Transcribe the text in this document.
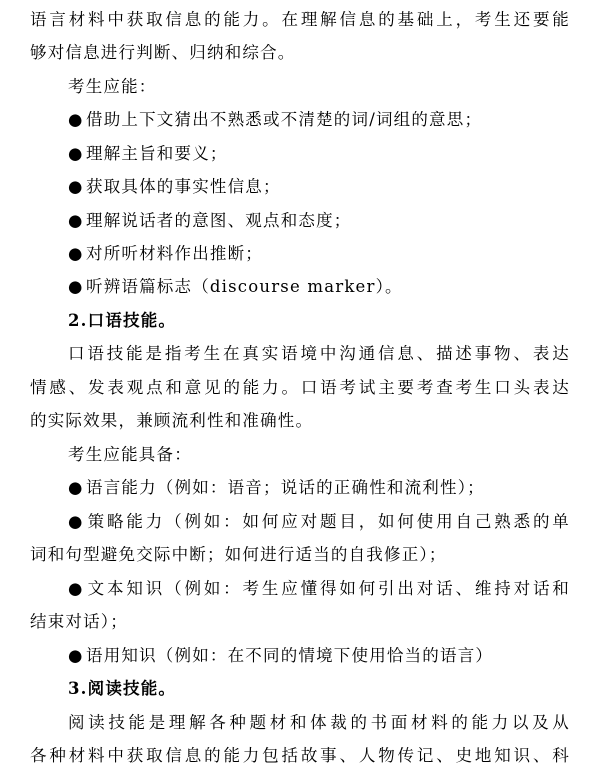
语言材料中获取信息的能力。在理解信息的基础上，考生还要能
够对信息进行判断、归纳和综合。
考生应能：
● 借助上下文猜出不熟悉或不清楚的词/词组的意思；
● 理解主旨和要义；
● 获取具体的事实性信息；
● 理解说话者的意图、观点和态度；
● 对所听材料作出推断；
● 听辨语篇标志（discourse marker）。
2.口语技能。
口语技能是指考生在真实语境中沟通信息、描述事物、表达
情感、发表观点和意见的能力。口语考试主要考查考生口头表达
的实际效果，兼顾流利性和准确性。
考生应能具备：
● 语言能力（例如：语音；说话的正确性和流利性）；
● 策略能力（例如：如何应对题目，如何使用自己熟悉的单
词和句型避免交际中断；如何进行适当的自我修正）；
● 文本知识（例如：考生应懂得如何引出对话、维持对话和
结束对话）；
● 语用知识（例如：在不同的情境下使用恰当的语言）
3.阅读技能。
阅读技能是理解各种题材和体裁的书面材料的能力以及从
各种材料中获取信息的能力包括故事、人物传记、史地知识、科
